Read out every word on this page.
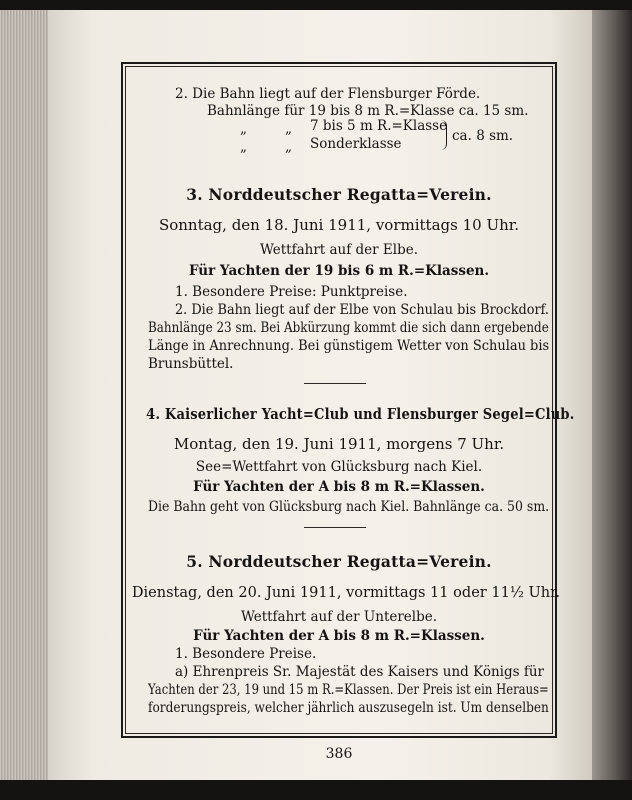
2. Die Bahn liegt auf der Flensburger Förde.
Bahnlänge für 19 bis 8 m R.=Klasse ca. 15 sm.
„	„ 7 bis 5 m R.=Klasse
ca. 8 sm.
„	„ Sonderklasse
3. Norddeutscher Regatta=Verein.
Sonntag, den 18. Juni 1911, vormittags 10 Uhr.
Wettfahrt auf der Elbe.
Für Yachten der 19 bis 6 m R.=Klassen.
1. Besondere Preise: Punktpreise.
2. Die Bahn liegt auf der Elbe von Schulau bis Brockdorf.
Bahnlänge 23 sm. Bei Abkürzung kommt die sich dann ergebende
Länge in Anrechnung. Bei günstigem Wetter von Schulau bis
Brunsbüttel.
4. Kaiserlicher Yacht=Club und Flensburger Segel=Club.
Montag, den 19. Juni 1911, morgens 7 Uhr.
See=Wettfahrt von Glücksburg nach Kiel.
Für Yachten der A bis 8 m R.=Klassen.
Die Bahn geht von Glücksburg nach Kiel. Bahnlänge ca. 50 sm.
5. Norddeutscher Regatta=Verein.
Dienstag, den 20. Juni 1911, vormittags 11 oder 11½ Uhr.
Wettfahrt auf der Unterelbe.
Für Yachten der A bis 8 m R.=Klassen.
1. Besondere Preise.
a) Ehrenpreis Sr. Majestät des Kaisers und Königs für
Yachten der 23, 19 und 15 m R.=Klassen. Der Preis ist ein Heraus=
forderungspreis, welcher jährlich auszusegeln ist. Um denselben
386
